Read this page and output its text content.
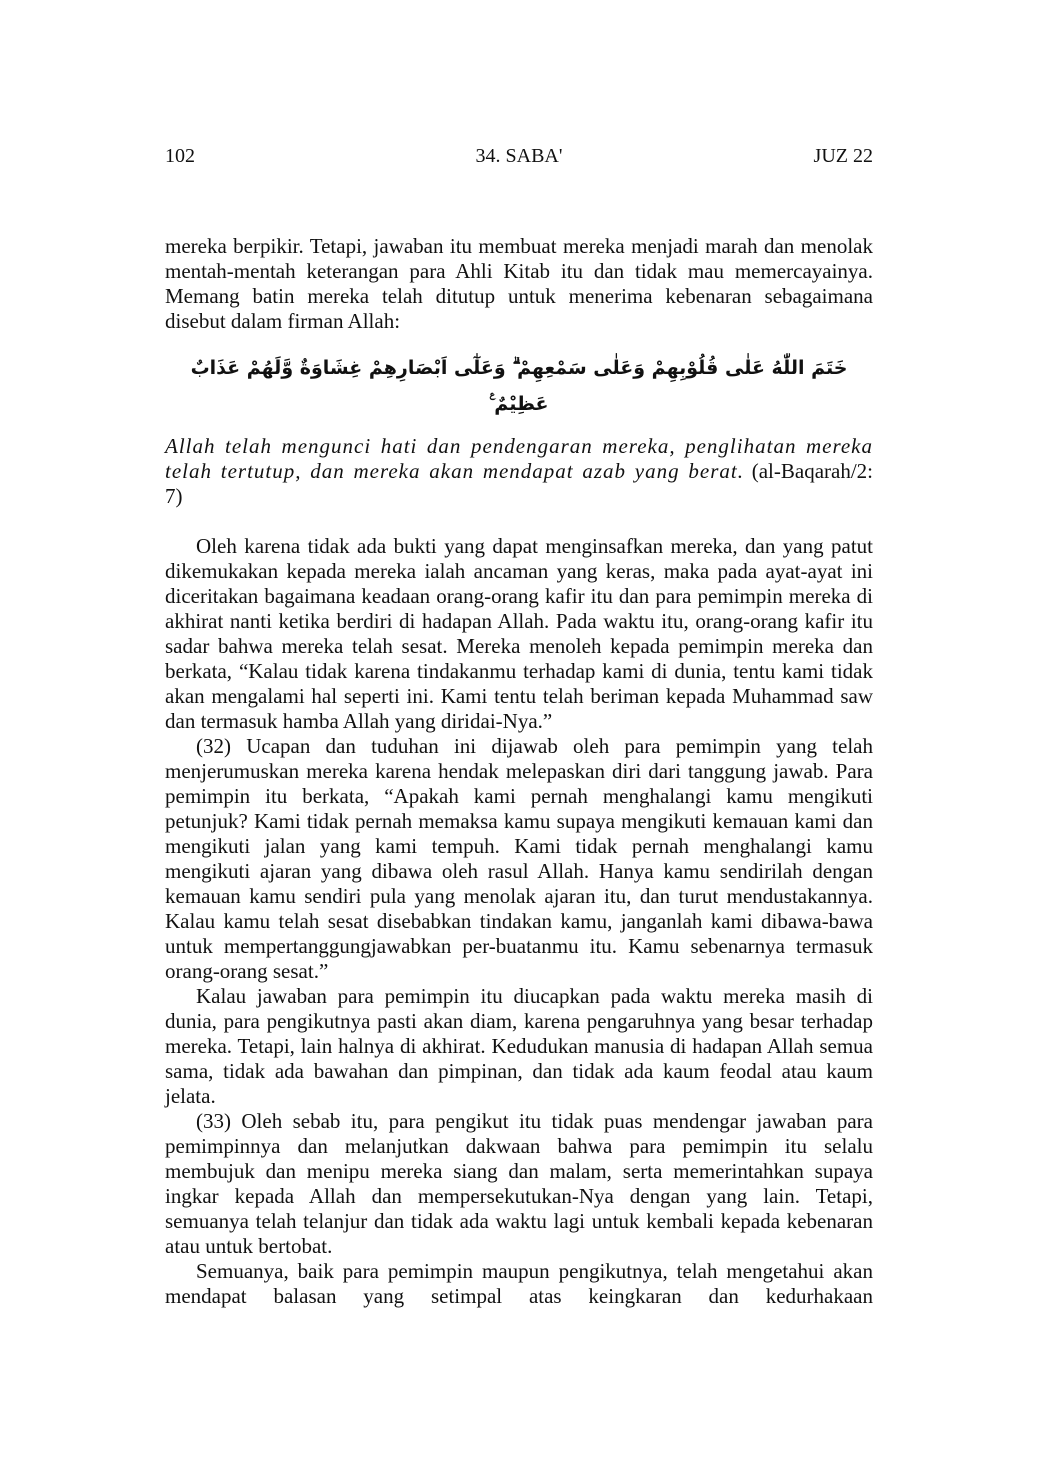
102	34. SABA'	JUZ 22

mereka berpikir. Tetapi, jawaban itu membuat mereka menjadi marah dan menolak mentah-mentah keterangan para Ahli Kitab itu dan tidak mau memercayainya. Memang batin mereka telah ditutup untuk menerima kebenaran sebagaimana disebut dalam firman Allah:

خَتَمَ اللّٰهُ عَلٰى قُلُوْبِهِمْ وَعَلٰى سَمْعِهِمْ ۗ وَعَلٰٓى اَبْصَارِهِمْ غِشَاوَةٌ وَّلَهُمْ عَذَابٌ عَظِيْمٌ ࣖ

Allah telah mengunci hati dan pendengaran mereka, penglihatan mereka telah tertutup, dan mereka akan mendapat azab yang berat. (al-Baqarah/2: 7)

Oleh karena tidak ada bukti yang dapat menginsafkan mereka, dan yang patut dikemukakan kepada mereka ialah ancaman yang keras, maka pada ayat-ayat ini diceritakan bagaimana keadaan orang-orang kafir itu dan para pemimpin mereka di akhirat nanti ketika berdiri di hadapan Allah. Pada waktu itu, orang-orang kafir itu sadar bahwa mereka telah sesat. Mereka menoleh kepada pemimpin mereka dan berkata, “Kalau tidak karena tindakanmu terhadap kami di dunia, tentu kami tidak akan mengalami hal seperti ini. Kami tentu telah beriman kepada Muhammad saw dan termasuk hamba Allah yang diridai-Nya.”

(32) Ucapan dan tuduhan ini dijawab oleh para pemimpin yang telah menjerumuskan mereka karena hendak melepaskan diri dari tanggung jawab. Para pemimpin itu berkata, “Apakah kami pernah menghalangi kamu mengikuti petunjuk? Kami tidak pernah memaksa kamu supaya mengikuti kemauan kami dan mengikuti jalan yang kami tempuh. Kami tidak pernah menghalangi kamu mengikuti ajaran yang dibawa oleh rasul Allah. Hanya kamu sendirilah dengan kemauan kamu sendiri pula yang menolak ajaran itu, dan turut mendustakannya. Kalau kamu telah sesat disebabkan tindakan kamu, janganlah kami dibawa-bawa untuk mempertanggungjawabkan per-buatanmu itu. Kamu sebenarnya termasuk orang-orang sesat.”

Kalau jawaban para pemimpin itu diucapkan pada waktu mereka masih di dunia, para pengikutnya pasti akan diam, karena pengaruhnya yang besar terhadap mereka. Tetapi, lain halnya di akhirat. Kedudukan manusia di hadapan Allah semua sama, tidak ada bawahan dan pimpinan, dan tidak ada kaum feodal atau kaum jelata.

(33) Oleh sebab itu, para pengikut itu tidak puas mendengar jawaban para pemimpinnya dan melanjutkan dakwaan bahwa para pemimpin itu selalu membujuk dan menipu mereka siang dan malam, serta memerintahkan supaya ingkar kepada Allah dan mempersekutukan-Nya dengan yang lain. Tetapi, semuanya telah telanjur dan tidak ada waktu lagi untuk kembali kepada kebenaran atau untuk bertobat.

Semuanya, baik para pemimpin maupun pengikutnya, telah mengetahui akan mendapat balasan yang setimpal atas keingkaran dan kedurhakaan
